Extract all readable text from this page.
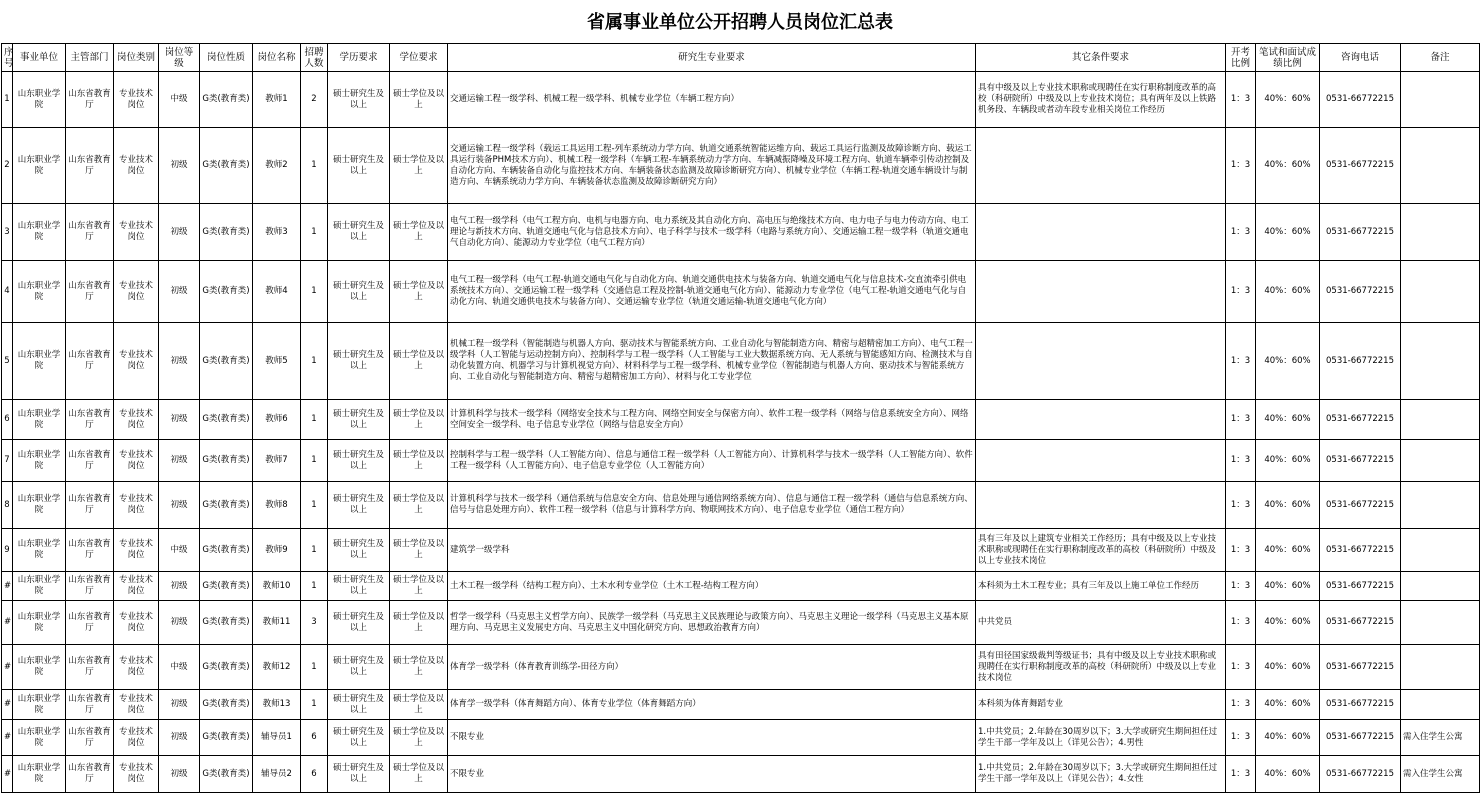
省属事业单位公开招聘人员岗位汇总表
序号	事业单位	主管部门	岗位类别	岗位等级	岗位性质	岗位名称	招聘人数	学历要求	学位要求	研究生专业要求	其它条件要求	开考比例	笔试和面试成绩比例	咨询电话	备注
1	山东职业学院	山东省教育厅	专业技术岗位	中级	G类(教育类)	教师1	2	硕士研究生及以上	硕士学位及以上	交通运输工程一级学科、机械工程一级学科、机械专业学位（车辆工程方向）	具有中级及以上专业技术职称或现聘任在实行职称制度改革的高校（科研院所）中级及以上专业技术岗位；具有两年及以上铁路机务段、车辆段或者动车段专业相关岗位工作经历	1：3	40%：60%	0531-66772215	
2	山东职业学院	山东省教育厅	专业技术岗位	初级	G类(教育类)	教师2	1	硕士研究生及以上	硕士学位及以上	交通运输工程一级学科（载运工具运用工程-列车系统动力学方向、轨道交通系统智能运维方向、载运工具运行监测及故障诊断方向、载运工具运行装备PHM技术方向）、机械工程一级学科（车辆工程-车辆系统动力学方向、车辆减振降噪及环境工程方向、轨道车辆牵引传动控制及自动化方向、车辆装备自动化与监控技术方向、车辆装备状态监测及故障诊断研究方向）、机械专业学位（车辆工程-轨道交通车辆设计与制造方向、车辆系统动力学方向、车辆装备状态监测及故障诊断研究方向）		1：3	40%：60%	0531-66772215	
3	山东职业学院	山东省教育厅	专业技术岗位	初级	G类(教育类)	教师3	1	硕士研究生及以上	硕士学位及以上	电气工程一级学科（电气工程方向、电机与电器方向、电力系统及其自动化方向、高电压与绝缘技术方向、电力电子与电力传动方向、电工理论与新技术方向、轨道交通电气化与信息技术方向）、电子科学与技术一级学科（电路与系统方向）、交通运输工程一级学科（轨道交通电气自动化方向）、能源动力专业学位（电气工程方向）		1：3	40%：60%	0531-66772215	
4	山东职业学院	山东省教育厅	专业技术岗位	初级	G类(教育类)	教师4	1	硕士研究生及以上	硕士学位及以上	电气工程一级学科（电气工程-轨道交通电气化与自动化方向、轨道交通供电技术与装备方向、轨道交通电气化与信息技术-交直流牵引供电系统技术方向）、交通运输工程一级学科（交通信息工程及控制-轨道交通电气化方向）、能源动力专业学位（电气工程-轨道交通电气化与自动化方向、轨道交通供电技术与装备方向）、交通运输专业学位（轨道交通运输-轨道交通电气化方向）		1：3	40%：60%	0531-66772215	
5	山东职业学院	山东省教育厅	专业技术岗位	初级	G类(教育类)	教师5	1	硕士研究生及以上	硕士学位及以上	机械工程一级学科（智能制造与机器人方向、驱动技术与智能系统方向、工业自动化与智能制造方向、精密与超精密加工方向）、电气工程一级学科（人工智能与运动控制方向）、控制科学与工程一级学科（人工智能与工业大数据系统方向、无人系统与智能感知方向、检测技术与自动化装置方向、机器学习与计算机视觉方向）、材料科学与工程一级学科、机械专业学位（智能制造与机器人方向、驱动技术与智能系统方向、工业自动化与智能制造方向、精密与超精密加工方向）、材料与化工专业学位		1：3	40%：60%	0531-66772215	
6	山东职业学院	山东省教育厅	专业技术岗位	初级	G类(教育类)	教师6	1	硕士研究生及以上	硕士学位及以上	计算机科学与技术一级学科（网络安全技术与工程方向、网络空间安全与保密方向）、软件工程一级学科（网络与信息系统安全方向）、网络空间安全一级学科、电子信息专业学位（网络与信息安全方向）		1：3	40%：60%	0531-66772215	
7	山东职业学院	山东省教育厅	专业技术岗位	初级	G类(教育类)	教师7	1	硕士研究生及以上	硕士学位及以上	控制科学与工程一级学科（人工智能方向）、信息与通信工程一级学科（人工智能方向）、计算机科学与技术一级学科（人工智能方向）、软件工程一级学科（人工智能方向）、电子信息专业学位（人工智能方向）		1：3	40%：60%	0531-66772215	
8	山东职业学院	山东省教育厅	专业技术岗位	初级	G类(教育类)	教师8	1	硕士研究生及以上	硕士学位及以上	计算机科学与技术一级学科（通信系统与信息安全方向、信息处理与通信网络系统方向）、信息与通信工程一级学科（通信与信息系统方向、信号与信息处理方向）、软件工程一级学科（信息与计算科学方向、物联网技术方向）、电子信息专业学位（通信工程方向）		1：3	40%：60%	0531-66772215	
9	山东职业学院	山东省教育厅	专业技术岗位	中级	G类(教育类)	教师9	1	硕士研究生及以上	硕士学位及以上	建筑学一级学科	具有三年及以上建筑专业相关工作经历；具有中级及以上专业技术职称或现聘任在实行职称制度改革的高校（科研院所）中级及以上专业技术岗位	1：3	40%：60%	0531-66772215	
#	山东职业学院	山东省教育厅	专业技术岗位	初级	G类(教育类)	教师10	1	硕士研究生及以上	硕士学位及以上	土木工程一级学科（结构工程方向）、土木水利专业学位（土木工程-结构工程方向）	本科须为土木工程专业；具有三年及以上施工单位工作经历	1：3	40%：60%	0531-66772215	
#	山东职业学院	山东省教育厅	专业技术岗位	初级	G类(教育类)	教师11	3	硕士研究生及以上	硕士学位及以上	哲学一级学科（马克思主义哲学方向）、民族学一级学科（马克思主义民族理论与政策方向）、马克思主义理论一级学科（马克思主义基本原理方向、马克思主义发展史方向、马克思主义中国化研究方向、思想政治教育方向）	中共党员	1：3	40%：60%	0531-66772215	
#	山东职业学院	山东省教育厅	专业技术岗位	中级	G类(教育类)	教师12	1	硕士研究生及以上	硕士学位及以上	体育学一级学科（体育教育训练学-田径方向）	具有田径国家级裁判等级证书；具有中级及以上专业技术职称或现聘任在实行职称制度改革的高校（科研院所）中级及以上专业技术岗位	1：3	40%：60%	0531-66772215	
#	山东职业学院	山东省教育厅	专业技术岗位	初级	G类(教育类)	教师13	1	硕士研究生及以上	硕士学位及以上	体育学一级学科（体育舞蹈方向）、体育专业学位（体育舞蹈方向）	本科须为体育舞蹈专业	1：3	40%：60%	0531-66772215	
#	山东职业学院	山东省教育厅	专业技术岗位	初级	G类(教育类)	辅导员1	6	硕士研究生及以上	硕士学位及以上	不限专业	1.中共党员；2.年龄在30周岁以下；3.大学或研究生期间担任过学生干部一学年及以上（详见公告）；4.男性	1：3	40%：60%	0531-66772215	需入住学生公寓
#	山东职业学院	山东省教育厅	专业技术岗位	初级	G类(教育类)	辅导员2	6	硕士研究生及以上	硕士学位及以上	不限专业	1.中共党员；2.年龄在30周岁以下；3.大学或研究生期间担任过学生干部一学年及以上（详见公告）；4.女性	1：3	40%：60%	0531-66772215	需入住学生公寓
